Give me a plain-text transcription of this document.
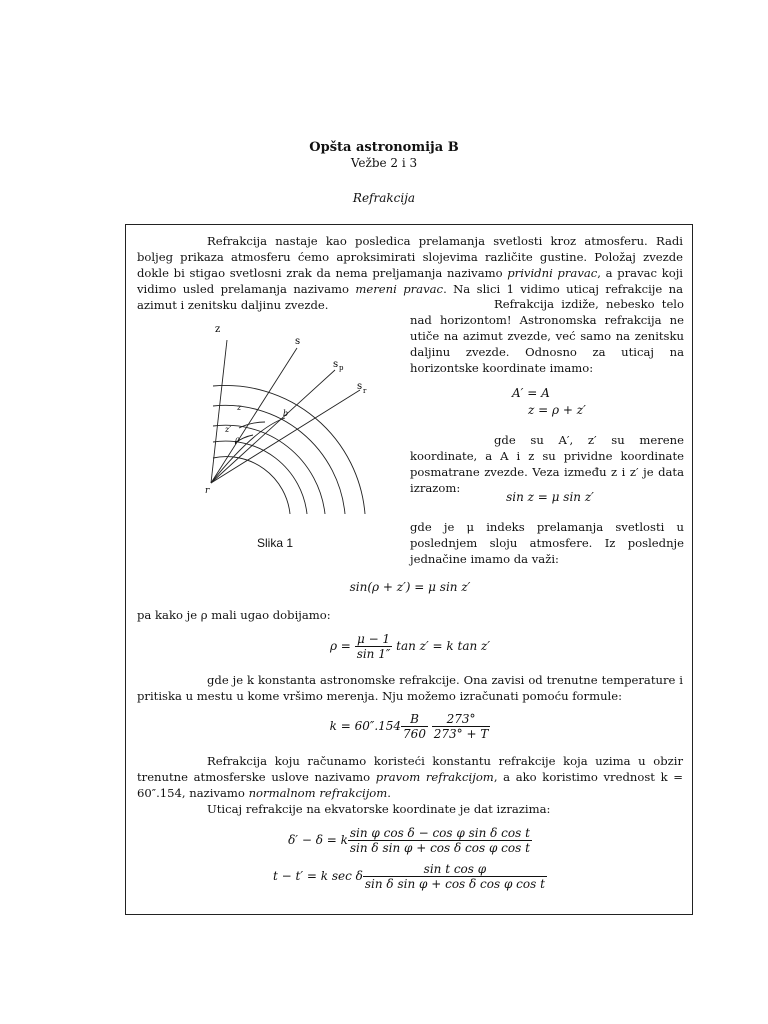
Opšta astronomija B
Vežbe 2 i 3
Refrakcija
Refrakcija nastaje kao posledica prelamanja svetlosti kroz atmosferu. Radi boljeg prikaza atmosferu ćemo aproksimirati slojevima različite gustine. Položaj zvezde dokle bi stigao svetlosni zrak da nema preljamanja nazivamo prividni pravac, a pravac koji vidimo usled prelamanja nazivamo mereni pravac. Na slici 1 vidimo uticaj refrakcije na azimut i zenitsku daljinu zvezde.	Refrakcija izdiže, nebesko telo nad horizontom! Astronomska refrakcija ne utiče na azimut zvezde, već samo na zenitsku daljinu zvezde. Odnosno za uticaj na horizontske koordinate imamo:
A′ = A
z = ρ + z′
gde su A′, z′ su merene koordinate, a A i z su prividne koordinate posmatrane zvezde. Veza između z i z′ je data izrazom:
sin z = μ sin z′
gde je μ indeks prelamanja svetlosti u poslednjem sloju atmosfere. Iz poslednje jednačine imamo da važi:
z
s
s p
s r
r
z
z′
ρ
b
Slika 1
sin(ρ + z′) = μ sin z′
pa kako je ρ mali ugao dobijamo:
$\rho = \frac{\mu - 1}{\sin 1''}$ tan z′ = k tan z′
gde je k konstanta astronomske refrakcije. Ona zavisi od trenutne temperature i pritiska u mestu u kome vršimo merenja. Nju možemo izračunati pomoću formule:
$k = 60''.154 \frac{B}{760}$
$\frac{273^\circ}{273^\circ + T}$
Refrakcija koju računamo koristeći konstantu refrakcije koja uzima u obzir trenutne atmosferske uslove nazivamo pravom refrakcijom, a ako koristimo vrednost k = 60″.154, nazivamo normalnom refrakcijom.
Uticaj refrakcije na ekvatorske koordinate je dat izrazima:
δ′ − δ = k $\frac{\text{sin φ cos δ − cos φ sin δ cos t}}{\text{sin δ sin φ + cos δ cos φ cos t}}$
t − t′ = k sec δ $\frac{\text{sin t cos φ}}{\text{sin δ sin φ + cos δ cos φ cos t}}$
